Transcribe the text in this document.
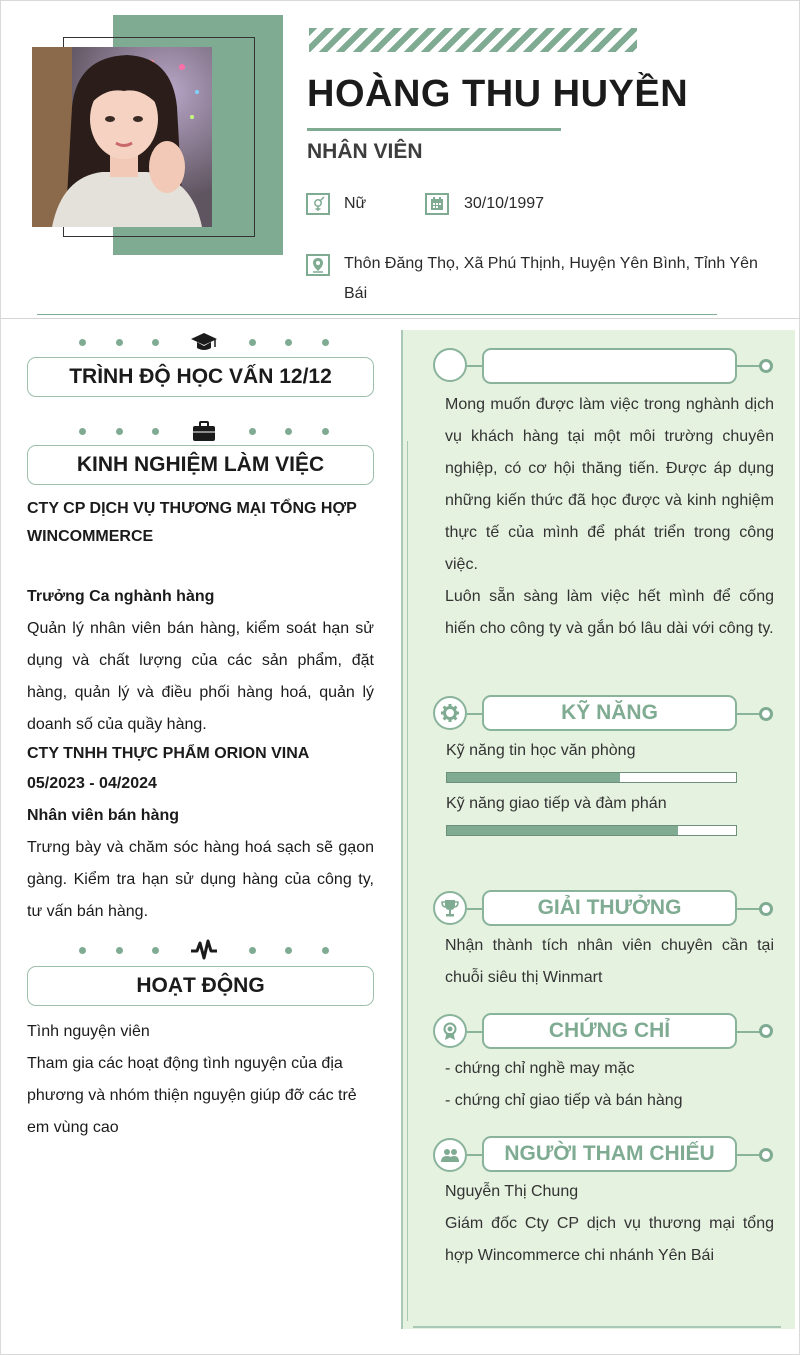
HOÀNG THU HUYỀN
NHÂN VIÊN
Nữ	30/10/1997
Thôn Đăng Thọ, Xã Phú Thịnh, Huyện Yên Bình, Tỉnh Yên Bái
TRÌNH ĐỘ HỌC VẤN 12/12
KINH NGHIỆM LÀM VIỆC
CTY CP DỊCH VỤ THƯƠNG MẠI TỔNG HỢP WINCOMMERCE
Trưởng Ca nghành hàng
Quản lý nhân viên bán hàng, kiểm soát hạn sử dụng và chất lượng của các sản phẩm, đặt hàng, quản lý và điều phối hàng hoá, quản lý doanh số của quầy hàng.
CTY TNHH THỰC PHẨM ORION VINA
05/2023 - 04/2024
Nhân viên bán hàng
Trưng bày và chăm sóc hàng hoá sạch sẽ gạon gàng. Kiểm tra hạn sử dụng hàng của công ty, tư vấn bán hàng.
HOẠT ĐỘNG
Tình nguyện viên
Tham gia các hoạt động tình nguyện của địa phương và nhóm thiện nguyện giúp đỡ các trẻ em vùng cao
Mong muốn được làm việc trong nghành dịch vụ khách hàng tại một môi trường chuyên nghiệp, có cơ hội thăng tiến. Được áp dụng những kiến thức đã học được và kinh nghiệm thực tế của mình để phát triển trong công việc.
Luôn sẵn sàng làm việc hết mình để cống hiến cho công ty và gắn bó lâu dài với công ty.
KỸ NĂNG
Kỹ năng tin học văn phòng
Kỹ năng giao tiếp và đàm phán
GIẢI THƯỞNG
Nhận thành tích nhân viên chuyên cần tại chuỗi siêu thị Winmart
CHỨNG CHỈ
- chứng chỉ nghề may mặc
- chứng chỉ giao tiếp và bán hàng
NGƯỜI THAM CHIẾU
Nguyễn Thị Chung
Giám đốc Cty CP dịch vụ thương mại tổng hợp Wincommerce chi nhánh Yên Bái
